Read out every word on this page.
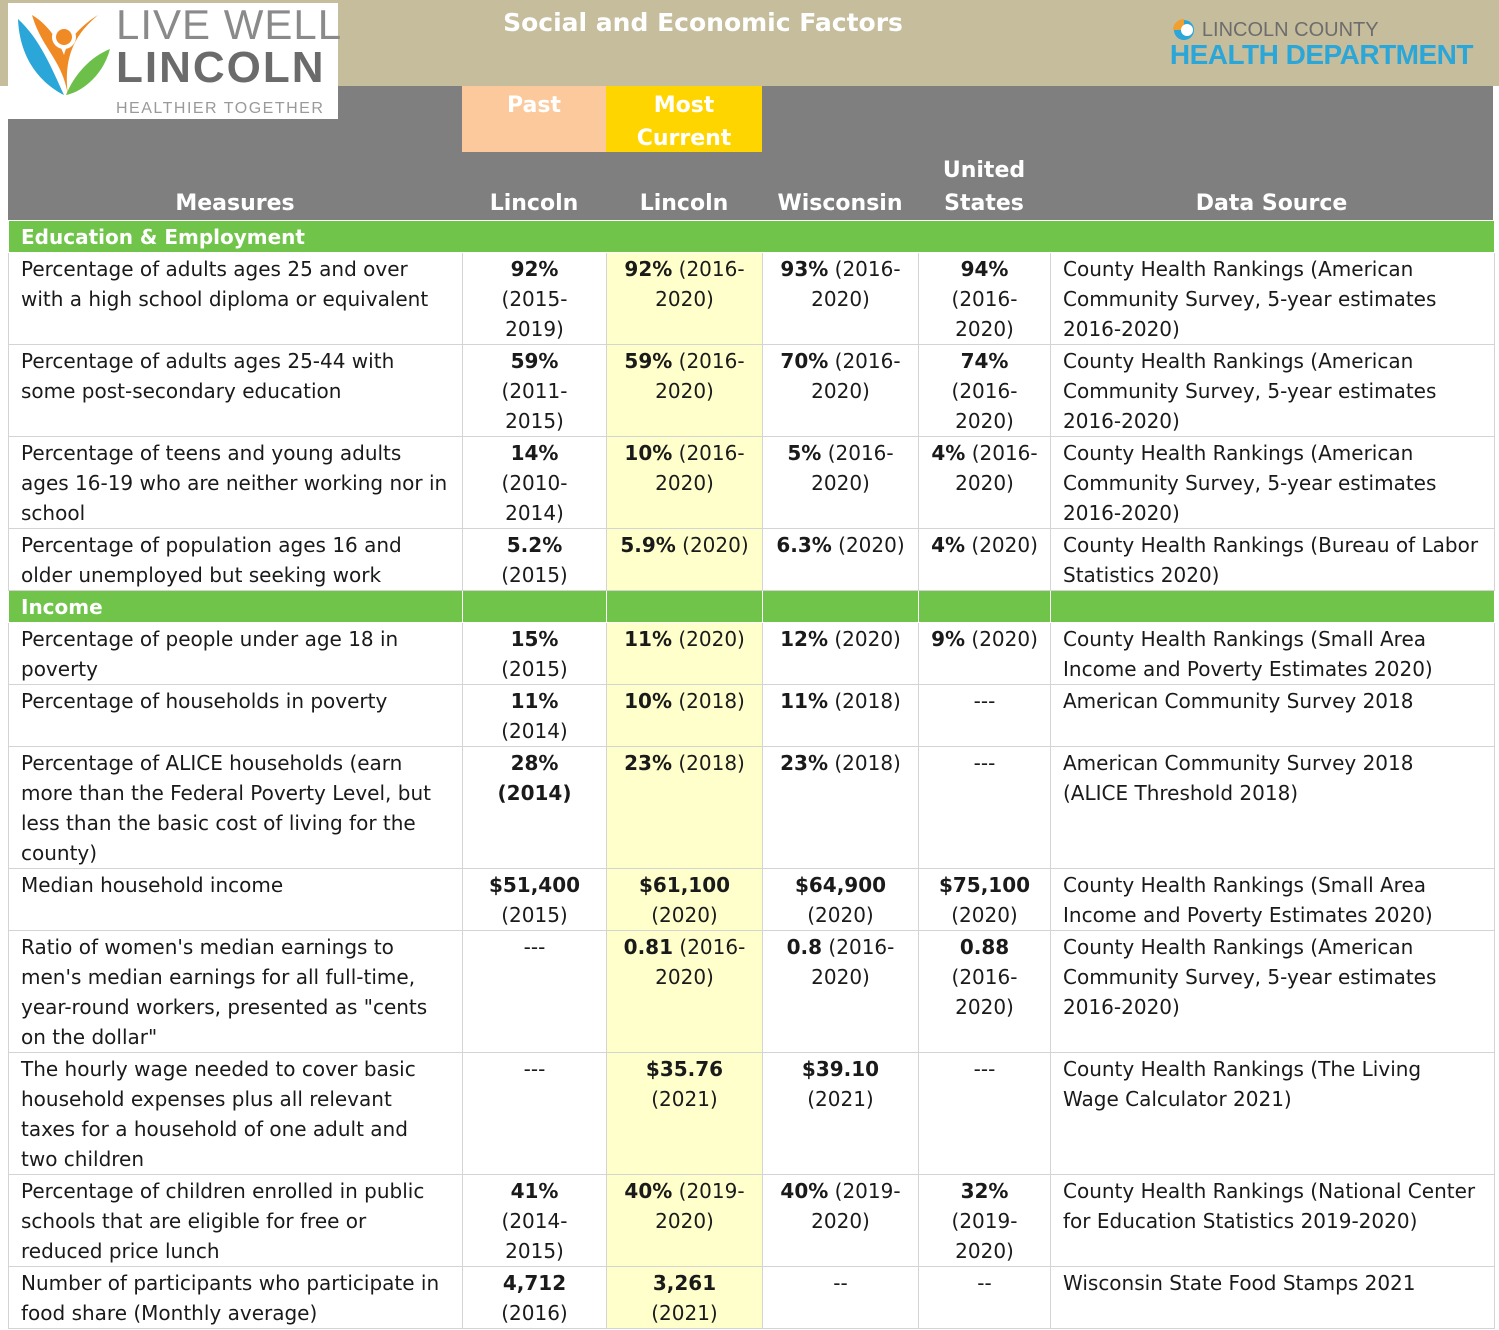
Social and Economic Factors	LINCOLN COUNTY
HEALTH DEPARTMENT
LIVE WELL
LINCOLN
HEALTHIER TOGETHER	Past	Most
Current
Measures	Lincoln	Lincoln	Wisconsin
United
States	Data Source
Education & Employment					
Percentage of adults ages 25 and over with a high school diploma or equivalent	92% (2015-2019)	92% (2016-2020)	93% (2016-2020)	94% (2016-2020)	County Health Rankings (American Community Survey, 5-year estimates 2016-2020)
Percentage of adults ages 25-44 with some post-secondary education	59% (2011-2015)	59% (2016-2020)	70% (2016-2020)	74% (2016-2020)	County Health Rankings (American Community Survey, 5-year estimates 2016-2020)
Percentage of teens and young adults ages 16-19 who are neither working nor in school	14% (2010-2014)	10% (2016-2020)	5% (2016-2020)	4% (2016-2020)	County Health Rankings (American Community Survey, 5-year estimates 2016-2020)
Percentage of population ages 16 and older unemployed but seeking work	5.2% (2015)	5.9% (2020)	6.3% (2020)	4% (2020)	County Health Rankings (Bureau of Labor Statistics 2020)
Income					
Percentage of people under age 18 in poverty	15% (2015)	11% (2020)	12% (2020)	9% (2020)	County Health Rankings (Small Area Income and Poverty Estimates 2020)
Percentage of households in poverty	11% (2014)	10% (2018)	11% (2018)	---	American Community Survey 2018
Percentage of ALICE households (earn more than the Federal Poverty Level, but less than the basic cost of living for the county)	28% (2014)	23% (2018)	23% (2018)	---	American Community Survey 2018 (ALICE Threshold 2018)
Median household income	$51,400 (2015)	$61,100 (2020)	$64,900 (2020)	$75,100 (2020)	County Health Rankings (Small Area Income and Poverty Estimates 2020)
Ratio of women's median earnings to men's median earnings for all full-time, year-round workers, presented as "cents on the dollar"	---	0.81 (2016-2020)	0.8 (2016-2020)	0.88 (2016-2020)	County Health Rankings (American Community Survey, 5-year estimates 2016-2020)
The hourly wage needed to cover basic household expenses plus all relevant taxes for a household of one adult and two children	---	$35.76 (2021)	$39.10 (2021)	---	County Health Rankings (The Living Wage Calculator 2021)
Percentage of children enrolled in public schools that are eligible for free or reduced price lunch	41% (2014-2015)	40% (2019-2020)	40% (2019-2020)	32% (2019-2020)	County Health Rankings (National Center for Education Statistics 2019-2020)
Number of participants who participate in food share (Monthly average)	4,712 (2016)	3,261 (2021)	--	--	Wisconsin State Food Stamps 2021
